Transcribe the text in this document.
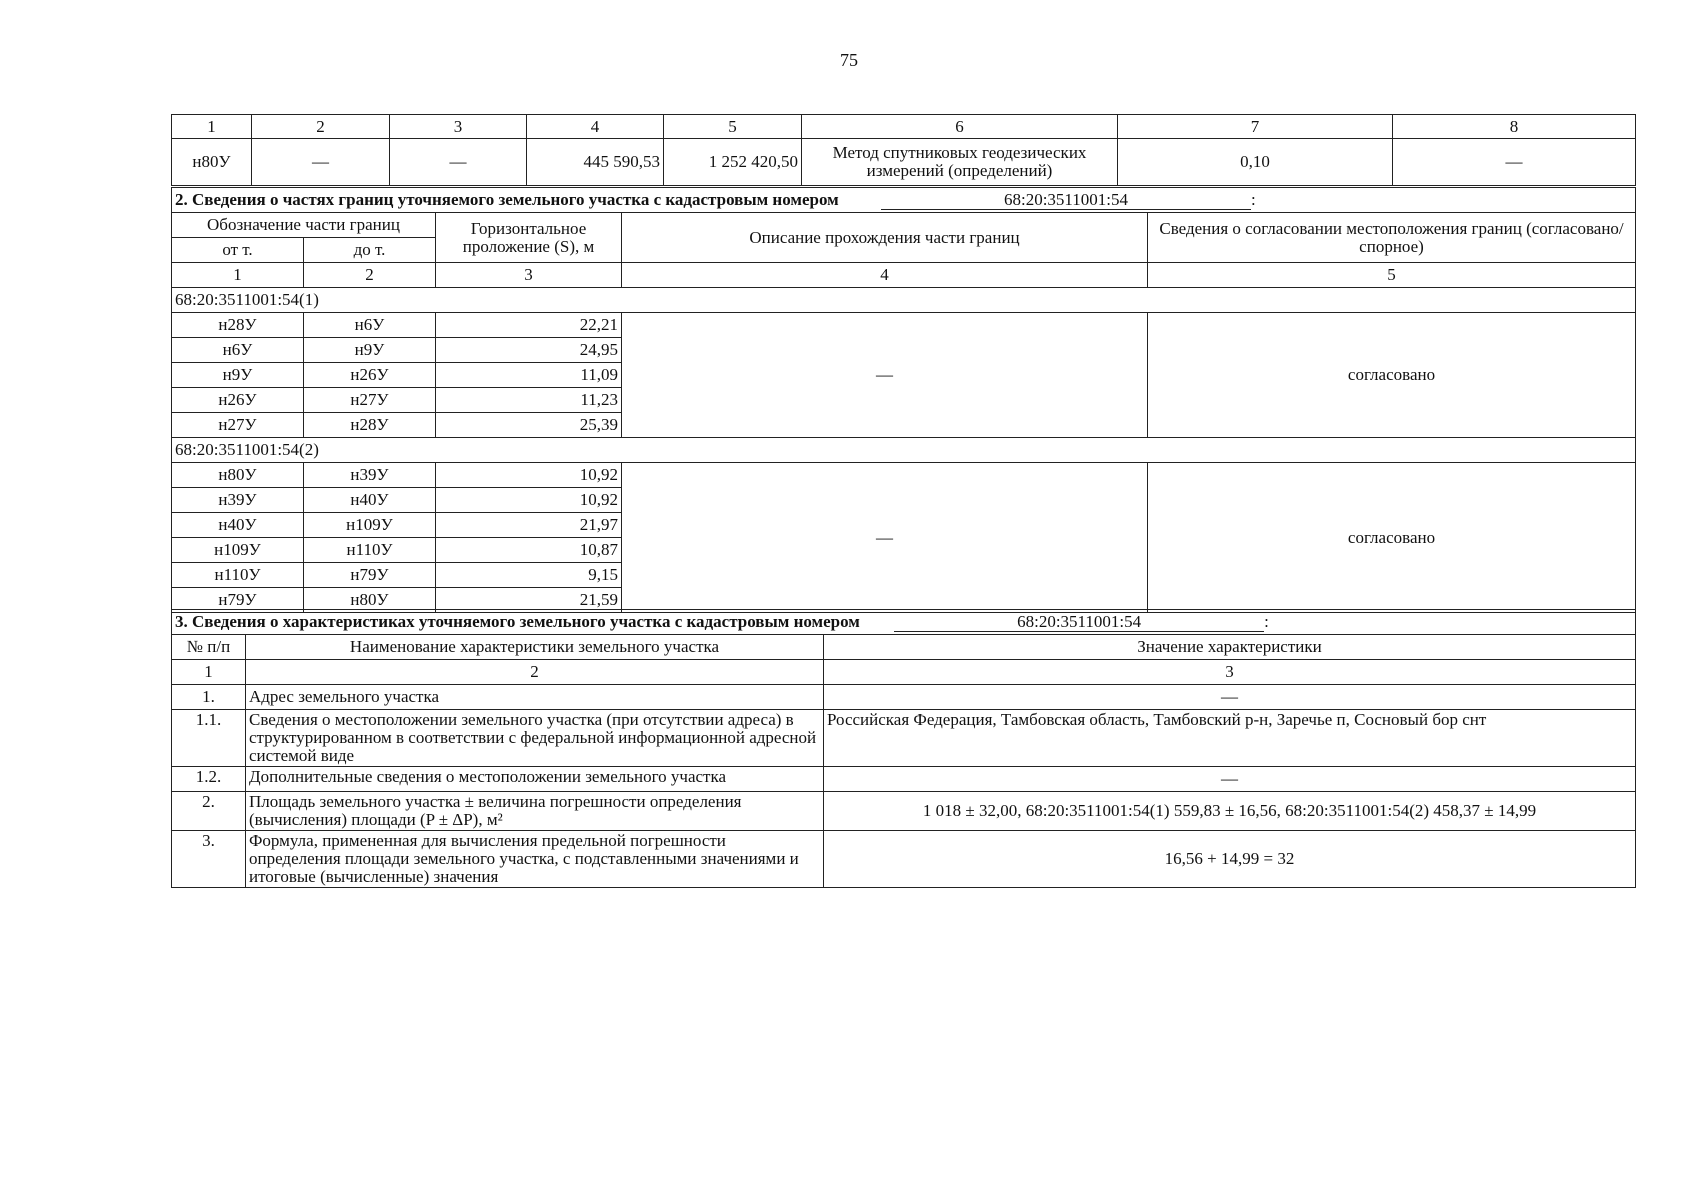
75
1	2	3	4	5	6	7	8
н80У	—	—	445 590,53	1 252 420,50	Метод спутниковых геодезических измерений (определений)	0,10	—
2. Сведения о частях границ уточняемого земельного участка с кадастровым номером 68:20:3511001:54 :				
Обозначение части границ		Горизонтальное проложение (S), м	Описание прохождения части границ	Сведения о согласовании местоположения границ (согласовано/спорное)
от т.	до т.			
1	2	3	4	5
68:20:3511001:54(1)				
н28У	н6У	22,21	—	согласовано
н6У	н9У	24,95		
н9У	н26У	11,09		
н26У	н27У	11,23		
н27У	н28У	25,39		
68:20:3511001:54(2)				
н80У	н39У	10,92	—	согласовано
н39У	н40У	10,92		
н40У	н109У	21,97		
н109У	н110У	10,87		
н110У	н79У	9,15		
н79У	н80У	21,59		
3. Сведения о характеристиках уточняемого земельного участка с кадастровым номером 68:20:3511001:54 :		
№ п/п	Наименование характеристики земельного участка	Значение характеристики
1	2	3
1.	Адрес земельного участка	—
1.1.	Сведения о местоположении земельного участка (при отсутствии адреса) в структурированном в соответствии с федеральной информационной адресной системой виде	Российская Федерация, Тамбовская область, Тамбовский р-н, Заречье п, Сосновый бор снт
1.2.	Дополнительные сведения о местоположении земельного участка	—
2.	Площадь земельного участка ± величина погрешности определения (вычисления) площади (P ± ΔP), м²	1 018 ± 32,00, 68:20:3511001:54(1) 559,83 ± 16,56, 68:20:3511001:54(2) 458,37 ± 14,99
3.	Формула, примененная для вычисления предельной погрешности определения площади земельного участка, с подставленными значениями и итоговые (вычисленные) значения	16,56 + 14,99 = 32
